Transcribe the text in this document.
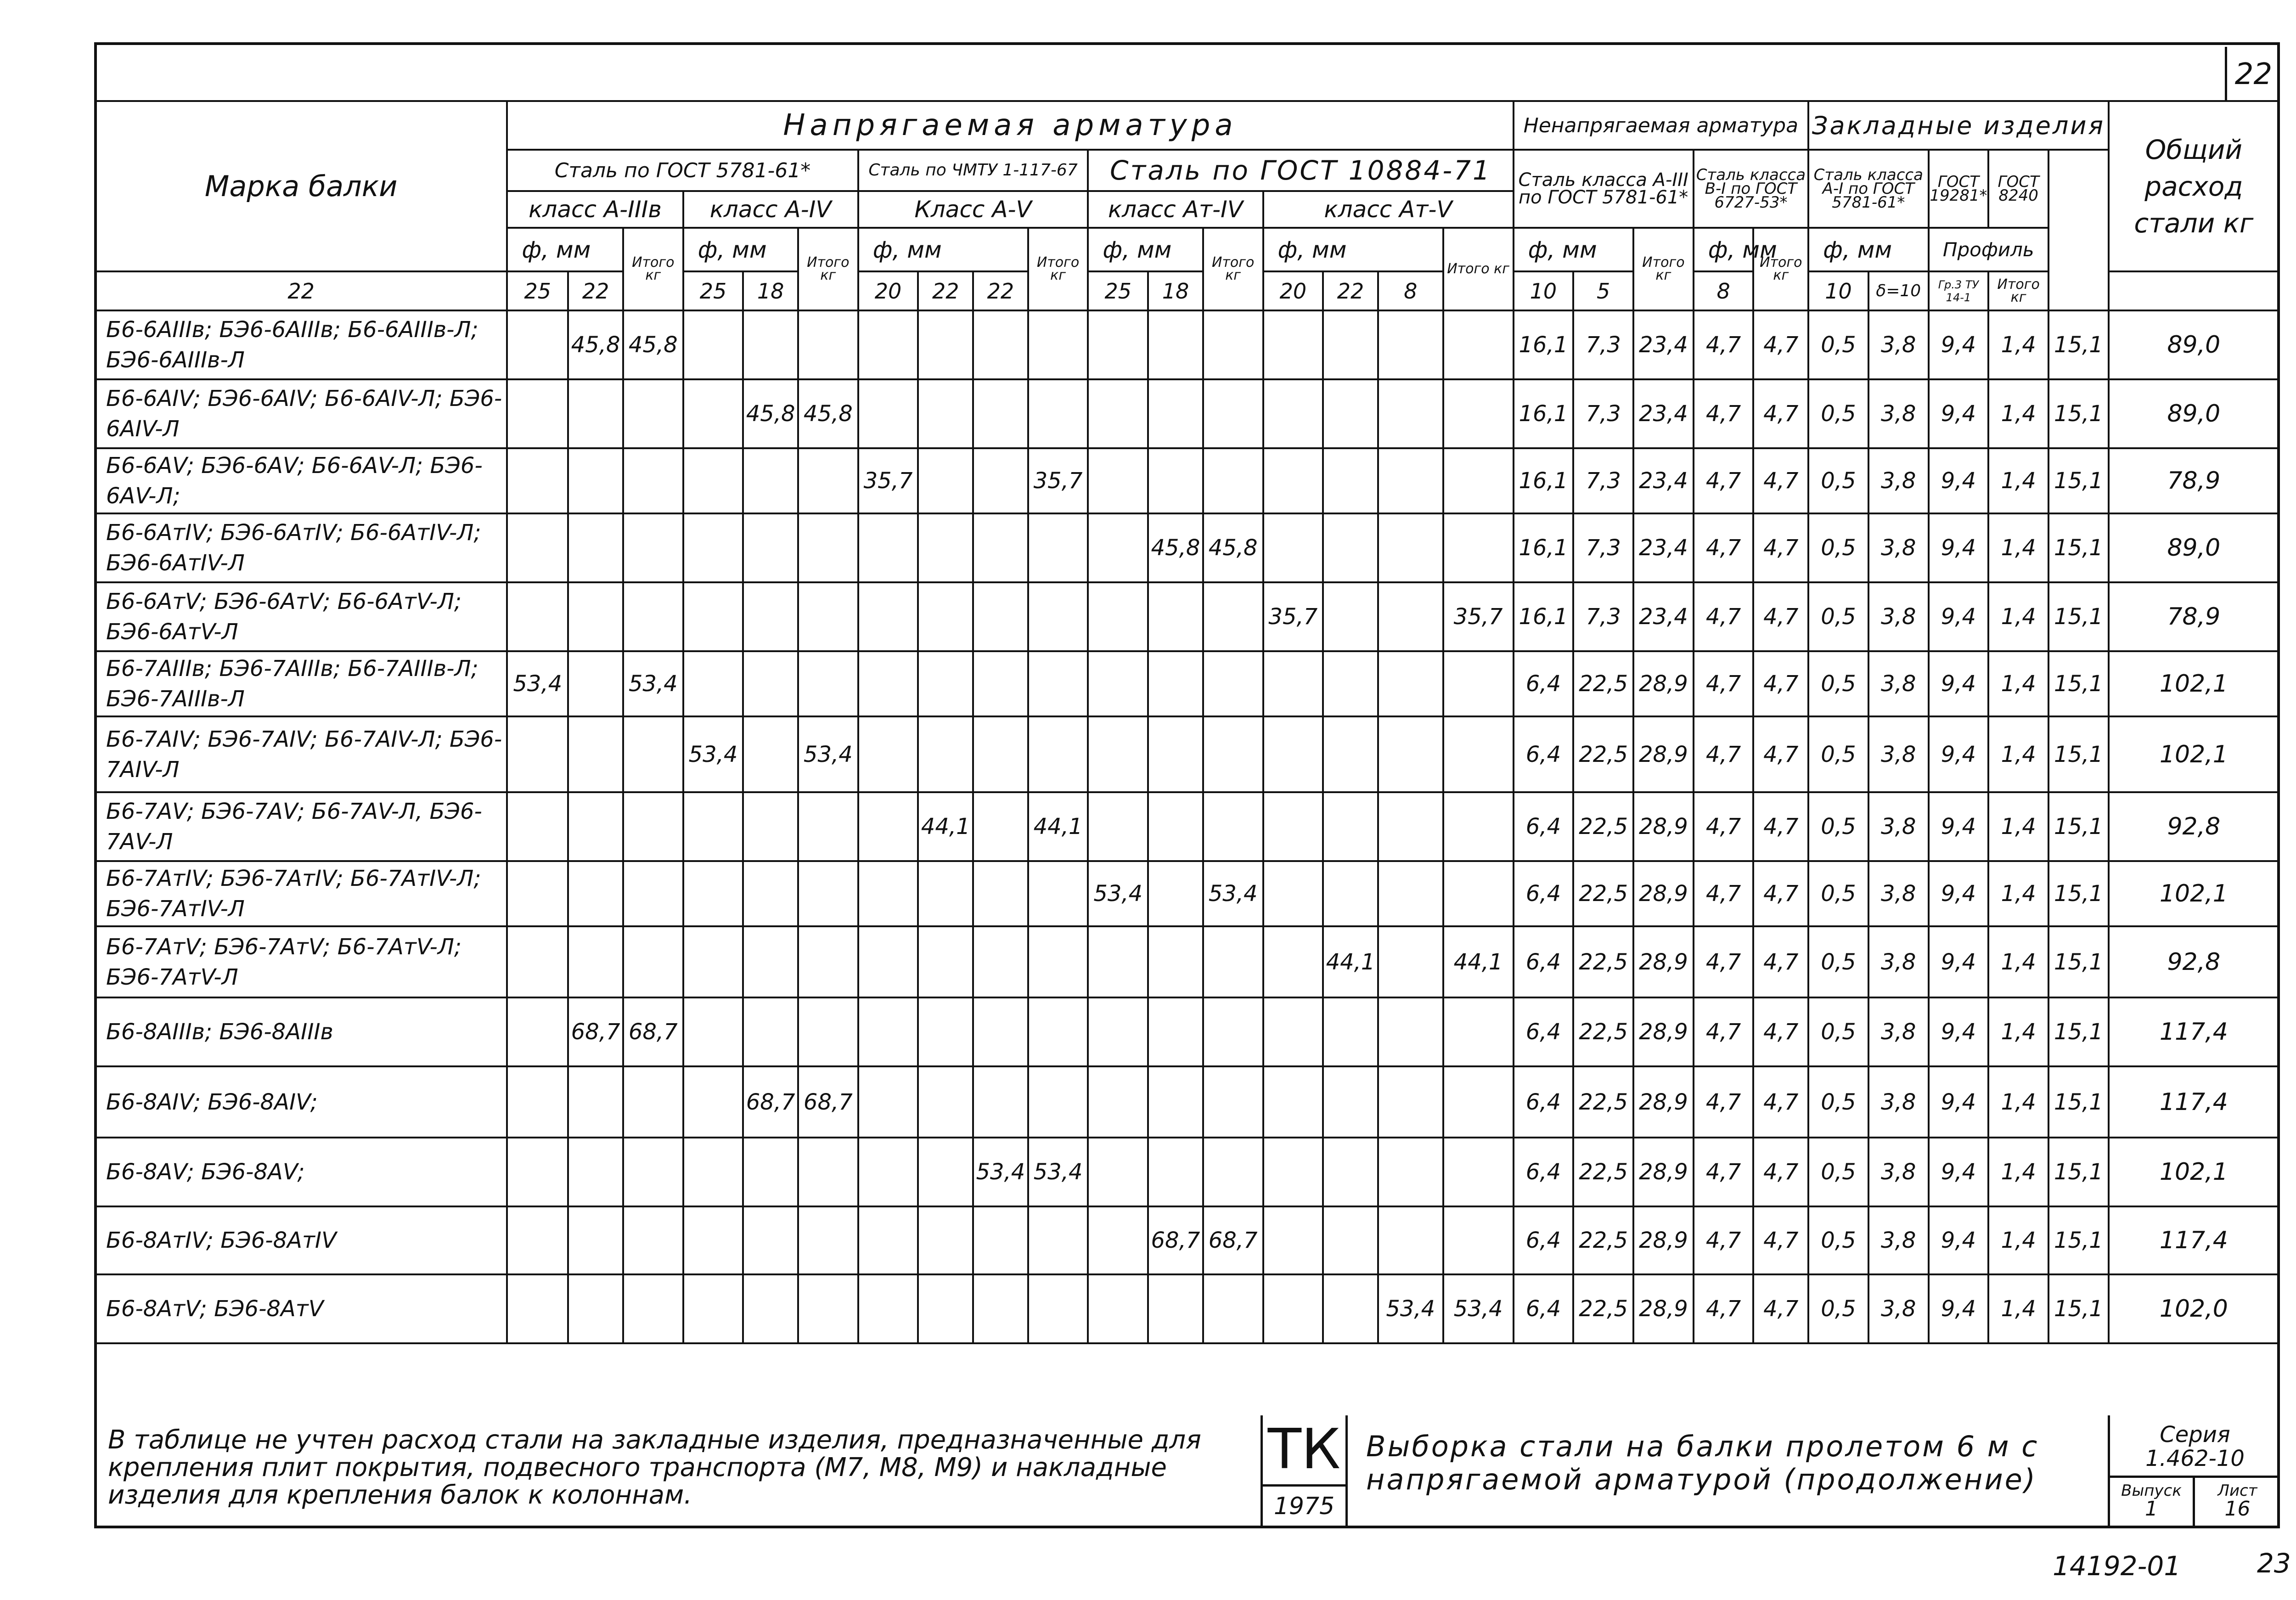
22
Марка балки	Напрягаемая арматура																	Ненапрягаемая арматура					Закладные изделия					Общий расход стали кг
	Сталь по ГОСТ 5781-61*						Сталь по ЧМТУ 1-117-67				Сталь по ГОСТ 10884-71							Сталь класса А-III по ГОСТ 5781-61*			Сталь класса В-I по ГОСТ 6727-53*		Сталь класса А-I по ГОСТ 5781-61*		ГОСТ 19281*	ГОСТ 8240		
	класс А-IIIв			класс А-IV			Класс А-V				класс Ат-IV			класс Ат-V														
	ф, мм		Итого кг	ф, мм		Итого кг	ф, мм			Итого кг	ф, мм		Итого кг	ф, мм			Итого кг	ф, мм		Итого кг	ф, мм	Итого кг	ф, мм		Профиль			
22	25	22		25	18		20	22	22		25	18		20	22	8		10	5		8		10	δ=10	Гр.3 ТУ 14-1	Итого кг		
Б6-6АIIIв; БЭ6-6АIIIв; Б6-6АIIIв-Л; БЭ6-6АIIIв-Л		45,8	45,8															16,1	7,3	23,4	4,7	4,7	0,5	3,8	9,4	1,4	15,1	89,0
Б6-6АIV; БЭ6-6АIV; Б6-6АIV-Л; БЭ6-6АIV-Л					45,8	45,8												16,1	7,3	23,4	4,7	4,7	0,5	3,8	9,4	1,4	15,1	89,0
Б6-6АV; БЭ6-6АV; Б6-6АV-Л; БЭ6-6АV-Л;							35,7			35,7								16,1	7,3	23,4	4,7	4,7	0,5	3,8	9,4	1,4	15,1	78,9
Б6-6АтIV; БЭ6-6АтIV; Б6-6АтIV-Л; БЭ6-6АтIV-Л												45,8	45,8					16,1	7,3	23,4	4,7	4,7	0,5	3,8	9,4	1,4	15,1	89,0
Б6-6АтV; БЭ6-6АтV; Б6-6АтV-Л; БЭ6-6АтV-Л														35,7			35,7	16,1	7,3	23,4	4,7	4,7	0,5	3,8	9,4	1,4	15,1	78,9
Б6-7АIIIв; БЭ6-7АIIIв; Б6-7АIIIв-Л; БЭ6-7АIIIв-Л	53,4		53,4															6,4	22,5	28,9	4,7	4,7	0,5	3,8	9,4	1,4	15,1	102,1
Б6-7АIV; БЭ6-7АIV; Б6-7АIV-Л; БЭ6-7АIV-Л				53,4		53,4												6,4	22,5	28,9	4,7	4,7	0,5	3,8	9,4	1,4	15,1	102,1
Б6-7АV; БЭ6-7АV; Б6-7АV-Л, БЭ6-7АV-Л								44,1		44,1								6,4	22,5	28,9	4,7	4,7	0,5	3,8	9,4	1,4	15,1	92,8
Б6-7АтIV; БЭ6-7АтIV; Б6-7АтIV-Л; БЭ6-7АтIV-Л											53,4		53,4					6,4	22,5	28,9	4,7	4,7	0,5	3,8	9,4	1,4	15,1	102,1
Б6-7АтV; БЭ6-7АтV; Б6-7АтV-Л; БЭ6-7АтV-Л															44,1		44,1	6,4	22,5	28,9	4,7	4,7	0,5	3,8	9,4	1,4	15,1	92,8
Б6-8АIIIв; БЭ6-8АIIIв		68,7	68,7															6,4	22,5	28,9	4,7	4,7	0,5	3,8	9,4	1,4	15,1	117,4
Б6-8АIV; БЭ6-8АIV;					68,7	68,7												6,4	22,5	28,9	4,7	4,7	0,5	3,8	9,4	1,4	15,1	117,4
Б6-8АV; БЭ6-8АV;									53,4	53,4								6,4	22,5	28,9	4,7	4,7	0,5	3,8	9,4	1,4	15,1	102,1
Б6-8АтIV; БЭ6-8АтIV												68,7	68,7					6,4	22,5	28,9	4,7	4,7	0,5	3,8	9,4	1,4	15,1	117,4
Б6-8АтV; БЭ6-8АтV																53,4	53,4	6,4	22,5	28,9	4,7	4,7	0,5	3,8	9,4	1,4	15,1	102,0
В таблице не учтен расход стали на закладные изделия, предназначенные для крепления плит покрытия, подвесного транспорта (М7, М8, М9) и накладные изделия для крепления балок к колоннам.
ТК
1975
Выборка стали на балки пролетом 6 м с напрягаемой арматурой (продолжение)
Серия
1.462-10
Выпуск
1
Лист
16
14192-01	23
